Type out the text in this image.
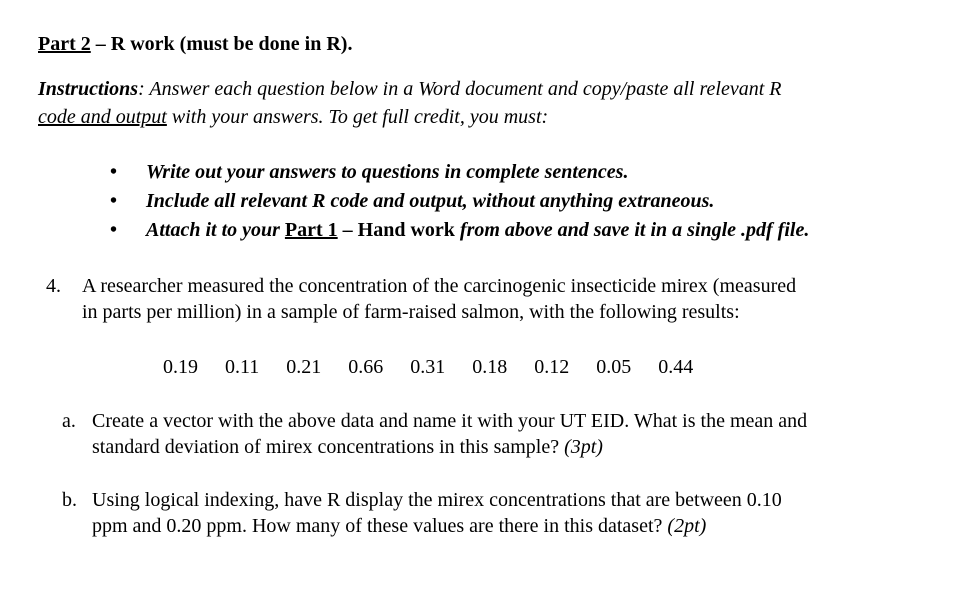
Part 2 – R work (must be done in R).
Instructions: Answer each question below in a Word document and copy/paste all relevant R
code and output with your answers. To get full credit, you must:
• Write out your answers to questions in complete sentences.
• Include all relevant R code and output, without anything extraneous.
• Attach it to your Part 1 – Hand work from above and save it in a single .pdf file.
4. A researcher measured the concentration of the carcinogenic insecticide mirex (measured
in parts per million) in a sample of farm-raised salmon, with the following results:
0.19 0.11 0.21 0.66 0.31 0.18 0.12 0.05 0.44
a. Create a vector with the above data and name it with your UT EID. What is the mean and
standard deviation of mirex concentrations in this sample? (3pt)
b. Using logical indexing, have R display the mirex concentrations that are between 0.10
ppm and 0.20 ppm. How many of these values are there in this dataset? (2pt)
